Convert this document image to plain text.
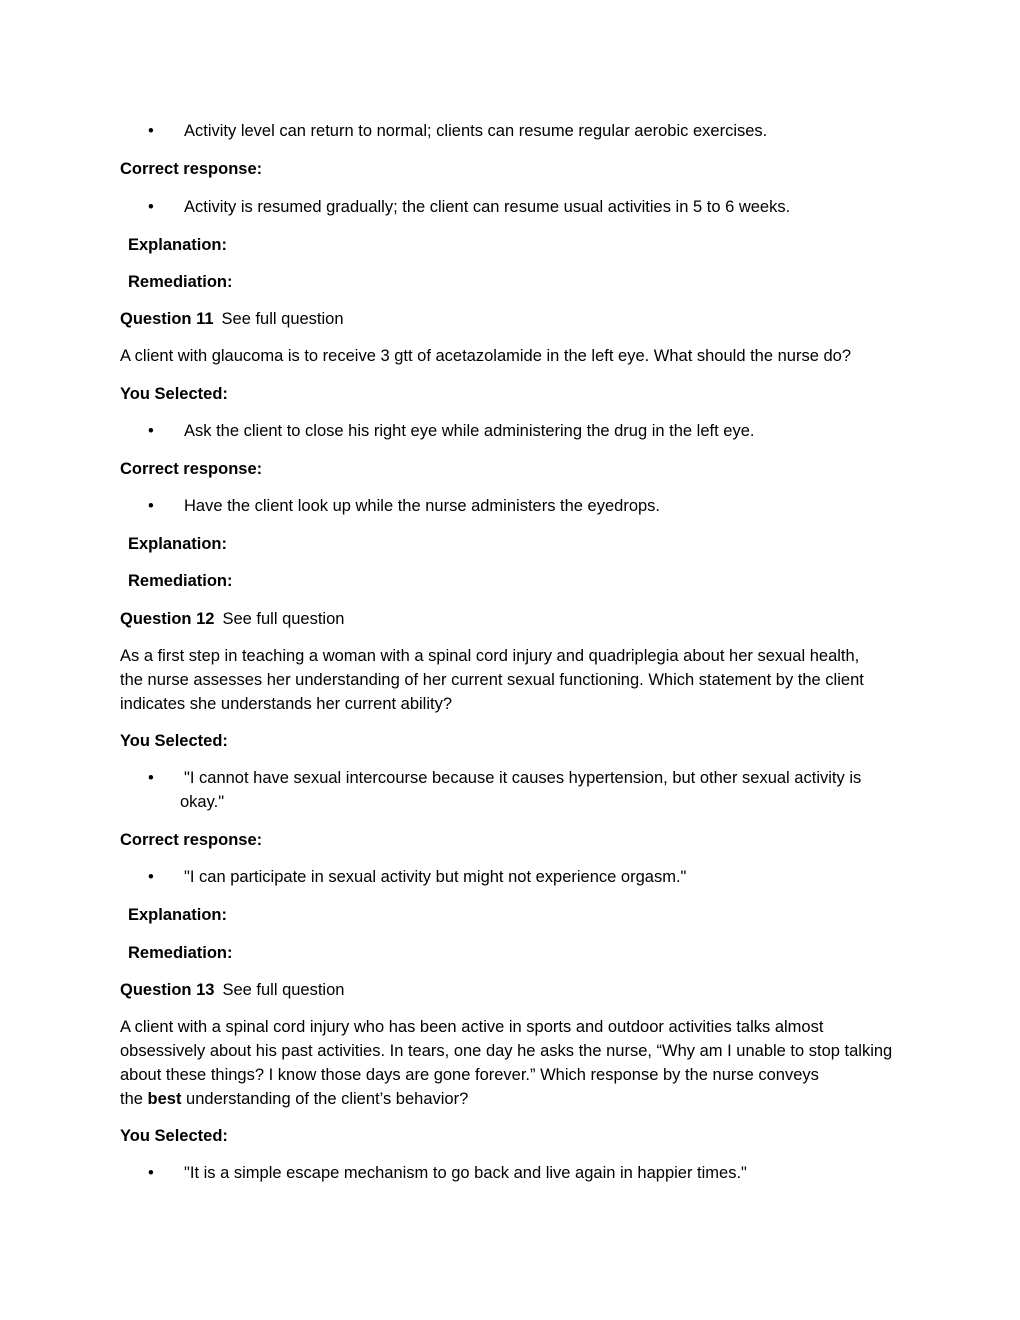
•	Activity level can return to normal; clients can resume regular aerobic exercises.
Correct response:
•	Activity is resumed gradually; the client can resume usual activities in 5 to 6 weeks.
Explanation:
Remediation:
Question 11 See full question
A client with glaucoma is to receive 3 gtt of acetazolamide in the left eye. What should the nurse do?
You Selected:
•	Ask the client to close his right eye while administering the drug in the left eye.
Correct response:
•	Have the client look up while the nurse administers the eyedrops.
Explanation:
Remediation:
Question 12 See full question
As a first step in teaching a woman with a spinal cord injury and quadriplegia about her sexual health,
the nurse assesses her understanding of her current sexual functioning. Which statement by the client
indicates she understands her current ability?
You Selected:
•	"I cannot have sexual intercourse because it causes hypertension, but other sexual activity is
okay."
Correct response:
•	"I can participate in sexual activity but might not experience orgasm."
Explanation:
Remediation:
Question 13 See full question
A client with a spinal cord injury who has been active in sports and outdoor activities talks almost
obsessively about his past activities. In tears, one day he asks the nurse, “Why am I unable to stop talking
about these things? I know those days are gone forever.” Which response by the nurse conveys
the best understanding of the client’s behavior?
You Selected:
•	"It is a simple escape mechanism to go back and live again in happier times."
